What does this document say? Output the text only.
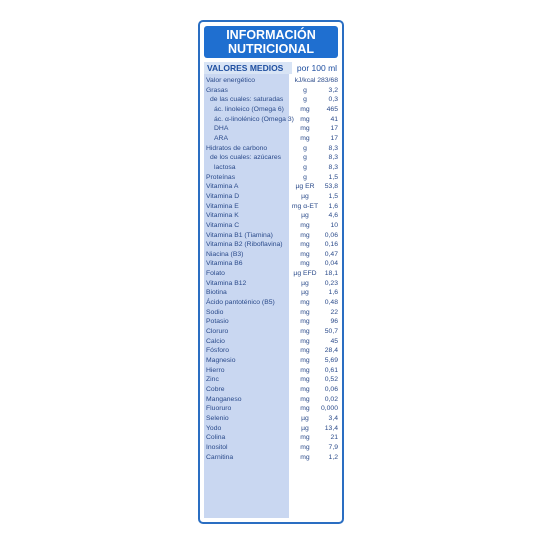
INFORMACIÓN
NUTRICIONAL
VALORES MEDIOS	por 100 ml
Valor energético	kJ/kcal 283/68
Grasas	g	3,2
de las cuales: saturadas	g	0,3
ác. linoleico (Omega 6)	mg	465
ác. α-linolénico (Omega 3) mg	41
DHA	mg	17
ARA	mg	17
Hidratos de carbono	g	8,3
de los cuales: azúcares	g	8,3
lactosa	g	8,3
Proteínas	g	1,5
Vitamina A	µg ER	53,8
Vitamina D	µg	1,5
Vitamina E	mg α-ET 1,6
Vitamina K	µg	4,6
Vitamina C	mg	10
Vitamina B1 (Tiamina)	mg	0,06
Vitamina B2 (Riboflavina)	mg	0,16
Niacina (B3)	mg	0,47
Vitamina B6	mg	0,04
Folato	µg EFD	18,1
Vitamina B12	µg	0,23
Biotina	µg	1,6
Ácido pantoténico (B5)	mg	0,48
Sodio	mg	22
Potasio	mg	96
Cloruro	mg	50,7
Calcio	mg	45
Fósforo	mg	28,4
Magnesio	mg	5,69
Hierro	mg	0,61
Zinc	mg	0,52
Cobre	mg	0,06
Manganeso	mg	0,02
Fluoruro	mg	0,000
Selenio	µg	3,4
Yodo	µg	13,4
Colina	mg	21
Inositol	mg	7,9
Carnitina	mg	1,2
